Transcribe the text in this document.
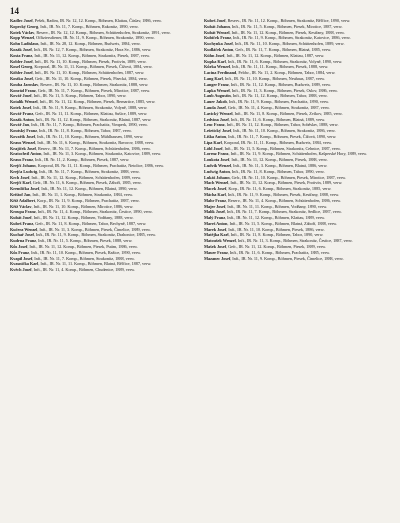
14
Kadlec Josef, Pešek, Radim, IR. Nr. 12, 12. Komp., Böhmen, Klattau, Čáslav, 1886, verw.
Kopecký Georg, Inft., IR. Nr. 11, 7. Komp., Böhmen, Rakonitz, 1890, verw.
Kotek Václav, Reserv., IR. Nr. 12, 12. Komp., Böhmen, Schüttenhofen, Strakonitz, 1891, verw.
Kopp Wenzel, Offiziersdiener, IR. Nr. 11, 9. Komp., Böhmen, Strakonitz, 1890, verw.
Kohn Ladislaus, Inft., IR. Nr. 28, 12. Komp., Böhmen, Budweis, 1884, verw.
Kozák Josef, Inft., IR. Nr. 12, 7. Komp., Böhmen, Strakonitz, Hora Sv., 1886, verw.
Kosta Franz, Inft., IR. Nr. 11, 12. Komp., Böhmen, Strakonitz, Piesek, 1887, verw.
Kobler Josef, Inft., IR. Nr. 11, 10. Komp., Böhmen, Piesek, Protivín, 1889, verw.
Kosel Georg, Korporal, IR. Nr. 11, 11. Komp., Böhmen, Piesek, Čížová, 1884, verw.
Köhler Josef, Inft., IR. Nr. 11, 10. Komp., Böhmen, Schüttenhofen, 1887, verw.
Kostka Josef, Gefr., IR. Nr. 11, 10. Komp., Böhmen, Piesek, Písecká, 1884, verw.
Kouba Jaroslav, Reserv., IR. Nr. 11, 10. Komp., Böhmen, Strakonitz, 1888, verw.
Konrád Franz, Gefr., IR. Nr. 11, 7. Komp., Böhmen, Piesek, Mirotice, 1887, verw.
Kovář Josef, Inft., IR. Nr. 11, 5. Komp., Böhmen, Tabor, 1890, verw.
Kotalík Wenzel, Inft., IR. Nr. 11, 12. Komp., Böhmen, Piesek, Bernartice, 1885, verw.
Kotek Josef, Inft., IR. Nr. 11, 9. Komp., Böhmen, Strakonitz, Volyně, 1888, verw.
Kovář Franz, Gefr., IR. Nr. 11, 11. Komp., Böhmen, Klattau, Sušice, 1889, verw.
Kozák Anton, Inft., IR. Nr. 11, 12. Komp., Böhmen, Strakonitz, Blatná, 1887, verw.
Kovář Jan, Inft., IR. Nr. 11, 7. Komp., Böhmen, Prachatitz, Vimperk, 1890, verw.
Koutský Franz, Inft., IR. Nr. 11, 8. Komp., Böhmen, Tabor, 1887, verw.
Kovařík Josef, Inft., IR. Nr. 11, 10. Komp., Böhmen, Mühlhausen, 1890, verw.
Kraus Wenzel, Inft., IR. Nr. 11, 6. Komp., Böhmen, Strakonitz, Bavorov, 1888, verw.
Krajíček Josef, Reserv., IR. Nr. 11, 7. Komp., Böhmen, Schüttenhofen, 1886, verw.
Kratochvíl Anton, Inft., IR. Nr. 11, 3. Komp., Böhmen, Strakonitz, Katovice, 1889, verw.
Kraus Franz, Inft., IR. Nr. 11, 2. Komp., Böhmen, Piesek, 1887, verw.
Krejčí Johann, Korporal, IR. Nr. 11, 11. Komp., Böhmen, Prachatitz, Netolice, 1886, verw.
Krejča Ludwig, Inft., IR. Nr. 11, 7. Komp., Böhmen, Strakonitz, 1888, verw.
Krch Josef, Inft., IR. Nr. 11, 12. Komp., Böhmen, Schüttenhofen, 1889, verw.
Krejčí Karl, Gefr., IR. Nr. 11, 6. Komp., Böhmen, Piesek, Záhoří, 1885, verw.
Kremlička Josef, Inft., IR. Nr. 11, 12. Komp., Böhmen, Blatná, 1890, verw.
Krištof Jan, Inft., IR. Nr. 11, 1. Komp., Böhmen, Strakonitz, 1884, verw.
Kříž Adalbert, Korp., IR. Nr. 11, 9. Komp., Böhmen, Prachatitz, 1887, verw.
Kříž Václav, Inft., IR. Nr. 11, 10. Komp., Böhmen, Mirotice, 1886, verw.
Kroupa Franz, Inft., IR. Nr. 11, 4. Komp., Böhmen, Strakonitz, Čestice, 1890, verw.
Kubát Josef, Inft., IR. Nr. 11, 12. Komp., Böhmen, Vodňany, 1888, verw.
Kubeš Franz, Gefr., IR. Nr. 11, 8. Komp., Böhmen, Tabor, Bechyně, 1887, verw.
Kučera Wenzel, Inft., IR. Nr. 11, 3. Komp., Böhmen, Piesek, Čimelice, 1889, verw.
Kuchař Josef, Inft., IR. Nr. 11, 9. Komp., Böhmen, Strakonitz, Drahonice, 1885, verw.
Kudrna Franz, Inft., IR. Nr. 11, 5. Komp., Böhmen, Piesek, 1888, verw.
Kůs Josef, Inft., IR. Nr. 11, 12. Komp., Böhmen, Piesek, Putim, 1886, verw.
Kůs Franz, Inft., IR. Nr. 11, 10. Komp., Böhmen, Piesek, Ražice, 1890, verw.
Kvapil Josef, Inft., IR. Nr. 11, 7. Komp., Böhmen, Strakonitz, 1888, verw.
Kvasnička Karl, Inft., IR. Nr. 11, 11. Komp., Böhmen, Blatná, Bělčice, 1887, verw.
Kvěch Josef, Inft., IR. Nr. 11, 4. Komp., Böhmen, Chudenice, 1889, verw.
Kubeš Josef, Reserv., IR. Nr. 11, 12. Komp., Böhmen, Strakonitz, Bělčice, 1890, verw.
Kubát Johann, Inft., IR. Nr. 11, 5. Komp., Böhmen, Piesek, Mirotice, 1887, verw.
Kubát Wenzel, Inft., IR. Nr. 11, 12. Komp., Böhmen, Piesek, Kestřany, 1888, verw.
Kubíček Franz, Inft., IR. Nr. 11, 9. Komp., Böhmen, Strakonitz, Katovice, 1886, verw.
Kuchynka Josef, Inft., IR. Nr. 11, 10. Komp., Böhmen, Schüttenhofen, 1889, verw.
Kudláček Anton, Gefr., IR. Nr. 11, 7. Komp., Böhmen, Blatná, 1885, verw.
Kühn Josef, Inft., IR. Nr. 11, 12. Komp., Böhmen, Klattau, 1887, verw.
Kupka Karl, Inft., IR. Nr. 11, 6. Komp., Böhmen, Strakonitz, Volyně, 1890, verw.
Kůrka Wenzel, Inft., IR. Nr. 11, 11. Komp., Böhmen, Piesek, 1888, verw.
Lacina Ferdinand, Feldw., IR. Nr. 11, 2. Komp., Böhmen, Tabor, 1884, verw.
Lang Karl, Inft., IR. Nr. 11, 10. Komp., Böhmen, Neuhaus, 1887, verw.
Langer Franz, Inft., IR. Nr. 11, 12. Komp., Böhmen, Budweis, 1889, verw.
Lapka Wenzel, Inft., IR. Nr. 11, 3. Komp., Böhmen, Piesek, Oslov, 1886, verw.
Laub Augustin, Inft., IR. Nr. 11, 12. Komp., Böhmen, Tabor, 1888, verw.
Lauer Jakob, Inft., IR. Nr. 11, 9. Komp., Böhmen, Prachatitz, 1890, verw.
Lauda Josef, Gefr., IR. Nr. 11, 4. Komp., Böhmen, Strakonitz, 1887, verw.
Lavický Wenzel, Inft., IR. Nr. 11, 8. Komp., Böhmen, Piesek, Zvíkov, 1885, verw.
Ledvina Josef, Inft., IR. Nr. 11, 6. Komp., Böhmen, Blatná, 1889, verw.
Lenc Franz, Inft., IR. Nr. 11, 12. Komp., Böhmen, Tabor, Soběslav, 1888, verw.
Lešetický Josef, Inft., IR. Nr. 11, 10. Komp., Böhmen, Strakonitz, 1886, verw.
Liška Anton, Inft., IR. Nr. 11, 7. Komp., Böhmen, Piesek, Čížová, 1890, verw.
Lípa Karl, Korporal, IR. Nr. 11, 11. Komp., Böhmen, Budweis, 1884, verw.
Löbl Josef, Inft., IR. Nr. 11, 5. Komp., Böhmen, Strakonitz, Cehnice, 1887, verw.
Lorenz Franz, Inft., IR. Nr. 11, 9. Komp., Böhmen, Schüttenhofen, Kašperské Hory, 1889, verw.
Loukota Josef, Inft., IR. Nr. 11, 12. Komp., Böhmen, Piesek, 1888, verw.
Ludvík Wenzel, Inft., IR. Nr. 11, 3. Komp., Böhmen, Blatná, 1886, verw.
Ludwig Anton, Inft., IR. Nr. 11, 8. Komp., Böhmen, Tabor, 1890, verw.
Lukáš Johann, Gefr., IR. Nr. 11, 10. Komp., Böhmen, Piesek, Mirotice, 1887, verw.
Mach Wenzel, Inft., IR. Nr. 11, 12. Komp., Böhmen, Piesek, Protivín, 1889, verw.
Macek Josef, Korp., IR. Nr. 11, 6. Komp., Böhmen, Strakonitz, 1885, verw.
Mácha Karl, Inft., IR. Nr. 11, 9. Komp., Böhmen, Piesek, Kestřany, 1888, verw.
Mahr Franz, Reserv., IR. Nr. 11, 4. Komp., Böhmen, Schüttenhofen, 1886, verw.
Majer Josef, Inft., IR. Nr. 11, 11. Komp., Böhmen, Vodňany, 1890, verw.
Malík Josef, Inft., IR. Nr. 11, 7. Komp., Böhmen, Strakonitz, Sedlice, 1887, verw.
Malý Franz, Inft., IR. Nr. 11, 12. Komp., Böhmen, Klattau, 1889, verw.
Mareš Anton, Inft., IR. Nr. 11, 5. Komp., Böhmen, Blatná, Záboří, 1888, verw.
Marek Josef, Inft., IR. Nr. 11, 10. Komp., Böhmen, Piesek, 1886, verw.
Matějka Karl, Inft., IR. Nr. 11, 8. Komp., Böhmen, Tabor, 1890, verw.
Matoušek Wenzel, Inft., IR. Nr. 11, 3. Komp., Böhmen, Strakonitz, Čestice, 1887, verw.
Mašek Josef, Gefr., IR. Nr. 11, 12. Komp., Böhmen, Piesek, 1889, verw.
Mauer Franz, Inft., IR. Nr. 11, 6. Komp., Böhmen, Prachatitz, 1885, verw.
Mazanec Josef, Inft., IR. Nr. 11, 9. Komp., Böhmen, Piesek, Čimelice, 1888, verw.
